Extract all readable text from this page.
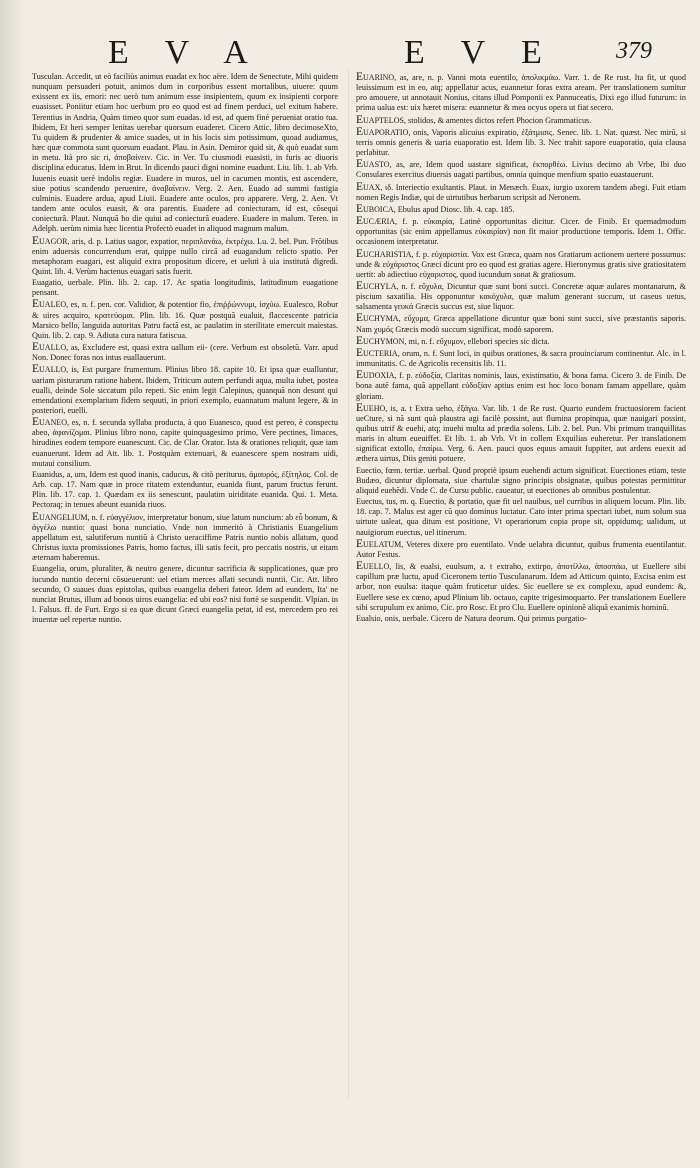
E V A	E V E	379

Tusculan. Accedit, ut eò faciliùs animus euadat ex hoc aëre. Idem de Senectute, Mihi quidem nunquam persuaderi potuit, animos dum in corporibus essent mortalibus, uiuere: quum exissent ex iis, emori: nec uerò tum animum esse insipientem, quum ex insipienti corpore euasisset. Poniitur etiam hoc uerbum pro eo quod est ad finem perduci, uel exitum habere. Terentius in Andria, Quàm timeo quor sum euadas. id est, ad quem finè perueniat oratio tua. Ibidem, Et heri semper lenitas uerebar quorsum euaderet. Cicero Attic. libro decimoseXto, Tu quidem & prudenter & amice suades, ut in his locis sim potissimum, quoad audiamus, hæc quæ commota sunt quorsum euadant. Plau. in Asin. Demiror quid sit, & quò euadat sum in metu. Ità pro sic ri, ἀποβαίνειν. Cic. in Ver. Tu ciusmodi euasisti, in furis ac diuoris disciplina educatus. Idem in Brut. In dicendo pauci digni nomine euadunt. Liu. lib. 1. ab Vrb. Iuuenis euasit uerè indolis regiæ. Euadere in muros, uel in cacumen montis, est ascendere, siue potius scandendo peruenire, ἀναβαίνειν. Verg. 2. Aen. Euado ad summi fastigia culminis. Euadere ardua, apud Liuii. Euadere ante oculos, pro apparere. Verg. 2. Aen. Vt tandem ante oculos euasit, & ora parentis. Euadere ad coniecturam, id est, cõsequi coniecturâ. Plaut. Nunquã ho die quiui ad coniecturã euadere. Euadere in malum. Teren. in Adelph. uerùm nimia hæc licentia Profectò euadet in aliquod magnum malum.

Euagor, aris, d. p. Latius uagor, expatior, περιπλανάω, ἐκτρέχω. Lu. 2. bel. Pun. Frōtibus enim aduersis concurrendum erat, quippe nullo circā ad euagandum relicto spatio. Per metaphoram euagari, est aliquid extra propositum dicere, et ueluti à uia institutà digredi. Quint. lib. 4. Verùm hactenus euagari satis fuerit.

Euagatio, uerbale. Plin. lib. 2. cap. 17. Ac spatia longitudinis, latitudinum euagatione pensant.

Eualeo, es, n. f. pen. cor. Validior, & potentior fio, ἐπιῤῥώννυμι, ἰσχύω. Eualesco, Robur & uires acquiro, κρατεύομαι. Plin. lib. 16. Quæ postquã eualuit, flaccescente patricia Marsico bello, languida autoritas Patru factã est, ac paulatim in sterilitate emercuit maiestas. Quin. lib. 2. cap. 9. Adiuta cura natura fatiscua.

Euallo, as, Excludere est, quasi extra uallum eii- (cere. Verbum est obsoletũ. Varr. apud Non. Donec foras nos intus euallauerunt.

Euallo, is, Est purgare frumentum. Plinius libro 18. capite 10. Et ipsa quæ eualluntur, uariam pisturarum ratione habent. Ibidem, Triticum autem perfundi aqua, multa iubet, postea eualli, deinde Sole siccatum pilo repeti. Sic enim legit Calepinus, quanquã non desunt qui emendationi exemplarium fidem sequuti, in priori exemplo, euannatum malunt legere, & in posteriori, euelli.

Euaneo, es, n. f. secunda syllaba producta, à quo Euanesco, quod est pereo, è conspectu abeo, ἀφανίζομαι. Plinius libro nono, capite quinquagesimo primo, Vere pectines, limaces, hirudines eodem tempore euanescunt. Cic. de Clar. Orator. Ista & orationes reliquit, quæ iam euanuerunt. Idem ad Att. lib. 1. Postquàm extenuari, & euanescere spem nostram uidi, mutaui consilium.

Euanidus, a, um, Idem est quod inanis, caducus, & citò periturus, ἀμαυρός, ἐξίτηλος. Col. de Arb. cap. 17. Nam quæ in proce ritatem extenduntur, euanida fiunt, parum fructus ferunt. Plin. lib. 17. cap. 1. Quædam ex iis senescunt, paulatim uiriditate euanida. Qui. 1. Meta. Pectoraq; in tenues abeunt euanida riuos.

Euangelium, n. f. εὐαγγέλιον, interpretatur bonum, siue latum nuncium: ab εὖ bonum, & ἀγγέλω nuntio: quasi bona nunciatio. Vnde non immeritò à Christianis Euangelium appellatum est, salutiferum nuntiũ à Christo ueraciffime Patris nuntio nobis allatum, quod Christus iuxta promissiones Patris, homo factus, illi satis fecit, pro peccatis nostris, ut eitam æternam haberemus.

Euangelia, orum, pluraliter, & neutro genere, dicuntur sacrificia & supplicationes, quæ pro iucundo nuntio decerni cõsueuerunt: uel etiam merces allati secundi nuntii. Cic. Att. libro secundo, O suaues duas epistolas, quibus euangelia deberi fateor. Idem ad eundem, Ita' ne nunciat Brutus, illum ad bonos uiros euangelia: ed ubi eos? nisi fortè se suspendit. Vlpian. in l. Falsus. ff. de Furt. Ergo si ea quæ dicunt Græci euangelia petat, id est, mercedem pro rei inuentæ uel repertæ nuntio.

Euarino, as, are, n. p. Vanni mota euentilo, ἀπολικμάω. Varr. 1. de Re rust. Ita fit, ut quod leuissimum est in eo, atq; appellatur acus, euannetur foras extra aream. Per translationem sumitur pro amouere, ut annotauit Nonius, citans illud Pomponii ex Pannuceatis, Dixi ego illud futurum: in prima ualua est: uix hæret misera: euannetur & mea ocyus opera ut fiat secero.

Euaptelos, stolidos, & amentes dictos refert Phocion Grammaticus.

Euaporatio, onis, Vaporis alicuius expiratio, ἐξάτμισις. Senec. lib. 1. Nat. quæst. Nec mirũ, si terris omnis generis & uaria euaporatio est. Idem lib. 3. Nec trahit sapore euaporatio, quia clausa perlabitur.

Euasto, as, are, Idem quod uastare significat, ἐκπορθέω. Livius decimo ab Vrbe, Ibi duo Consulares exercitus diuersis uagati partibus, omnia quinque menfium spatio euastauerunt.

Euax, ιδ. Interiectio exultantis. Plaut. in Menæch. Euax, iurgio uxorem tandem abegi. Fuit etiam nomen Regis Indiæ, qui de uirtutibus herbarum scripsit ad Neronem.

Euboica, Ebulus apud Diosc. lib. 4. cap. 185.

Eucæria, f. p. εὐκαιρία, Latinè opportunitas dicitur. Cicer. de Finib. Et quemadmodum opportunitas (sic enim appellamus εὐκαιρίαν) non fit maior productione temporis. Idem 1. Offic. occasionem interpretatur.

Eucharistia, f. p. εὐχαριστία. Vox est Græca, quam nos Gratiarum actionem uertere possumus: unde & εὐχάριστος Græci dicunt pro eo quod est gratias agere. Hieronymus gratis sive gratiositatem uertit: ab adiectiuo εὐχαριστος, quod iucundum sonat & gratiosum.

Euchyla, n. f. εὔχυλα, Dicuntur quæ sunt boni succi. Concretæ aquæ aulares montanarum, & piscium saxatilia. His opponuntur κακόχυλα, quæ malum generant succum, ut caseus uetus, salsamenta γευκά Græcis succus est, siue liquor.

Euchyma, εὔχυμα, Græca appellatione dicuntur quæ boni sunt succi, sive præstantis saporis. Nam χυμός Græcis modò succum significat, modò saporem.

Euchymon, mi, n. f. εὔχυμον, ellebori species sic dicta.

Eucteria, orum, n. f. Sunt loci, in quibus orationes, & sacra prouinciarum continentur. Alc. in l. immunitatis. C. de Agricolis recensitis lib. 11.

Eudoxia, f. p. εὐδοξία, Claritas nominis, laus, existimatio, & bona fama. Cicero 3. de Finib. De bona autẽ fama, quã appellant εὐδοξίαν aptius enim est hoc loco bonam famam appellare, quàm gloriam.

Eueho, is, a. t Extra ueho, ἐξάγω. Var. lib. 1 de Re rust. Quarto eundem fructuosiorem facient ueCture, si nã sunt quà plaustra agi facilè possint, aut flumina propinqua, quæ nauigari possint, quibus utrif & euehi, atq; inuehi multa ad prædia solens. Lib. 2. bel. Pun. Vbi primum tranquillitas maris in altum eueuiffet. Et lib. 1. ab Vrb. Vt in collem Exquilias euheretur. Per translationem significat extollo, ἐπαίρω. Verg. 6. Aen. pauci quos equus amauit Iuppiter, aut ardens euexit ad æthera uirtus, Diis geniti potuere.

Euectio, fœm. tertiæ. uerbal. Quod propriè ipsum euehendi actum significat. Euectiones etiam, teste Budæo, dicuntur diplomata, siue chartulæ signo principis obsignatæ, quibus potestas permittitur aliquid euehẽdi. Vnde C. de Cursu public. caueatur, ut euectiones ab omnibus postulentur.

Euectus, tus, m. q. Euectio, & portatio, quæ fit uel nauibus, uel curribus in aliquem locum. Plin. lib. 18. cap. 7. Malus est ager cũ quo dominus luctatur. Cato inter prima spectari iubet, num solum sua uirtute ualeat, qua ditum est positione, Vt operariorum copia prope sit, oppidumq; ualidum, ut nauigiorum euectus, uel itinerum.

Euelatum, Veteres dixere pro euentilato. Vnde uelabra dicuntur, quibus frumenta euentilantur. Autor Festus.

Euello, lis, & eualsi, euulsum, a. t extraho, extirpo, ἀποτίλλω, ἀποσπάω, ut Euellere sibi capillum præ luctu, apud Ciceronem tertio Tusculanarum. Idem ad Atticum quinto, Excisa enim est arbor, non euulsa: itaque quàm fruticetur uides. Sic euellere se ex complexu, apud eundem: &, Euellere sese ex cœno, apud Plinium lib. octauo, capite trigesimoquarto. Per translationem Euellere sibi scrupulum ex animo, Cic. pro Rosc. Et pro Clu. Euellere opinionẽ aliquã exanimis hominũ.

Eualsio, onis, uerbale. Cicero de Natura deorum. Qui primus purgatio-
